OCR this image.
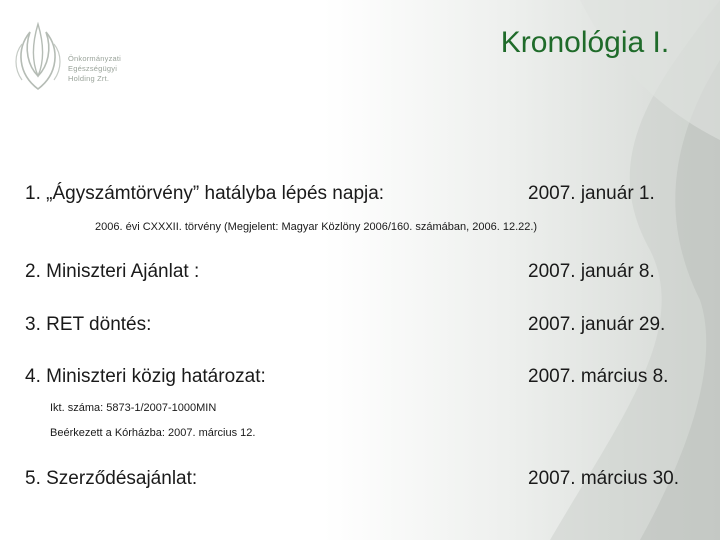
Önkormányzati
Egészségügyi
Holding Zrt.
Kronológia I.
1. „Ágyszámtörvény” hatályba lépés napja:	2007. január 1.
2006. évi CXXXII. törvény (Megjelent: Magyar Közlöny 2006/160. számában, 2006. 12.22.)
2. Miniszteri Ajánlat :	2007. január 8.
3. RET döntés:	2007. január 29.
4. Miniszteri közig határozat:	2007. március 8.
Ikt. száma: 5873-1/2007-1000MIN
Beérkezett a Kórházba: 2007. március 12.
5. Szerződésajánlat:	2007. március 30.
